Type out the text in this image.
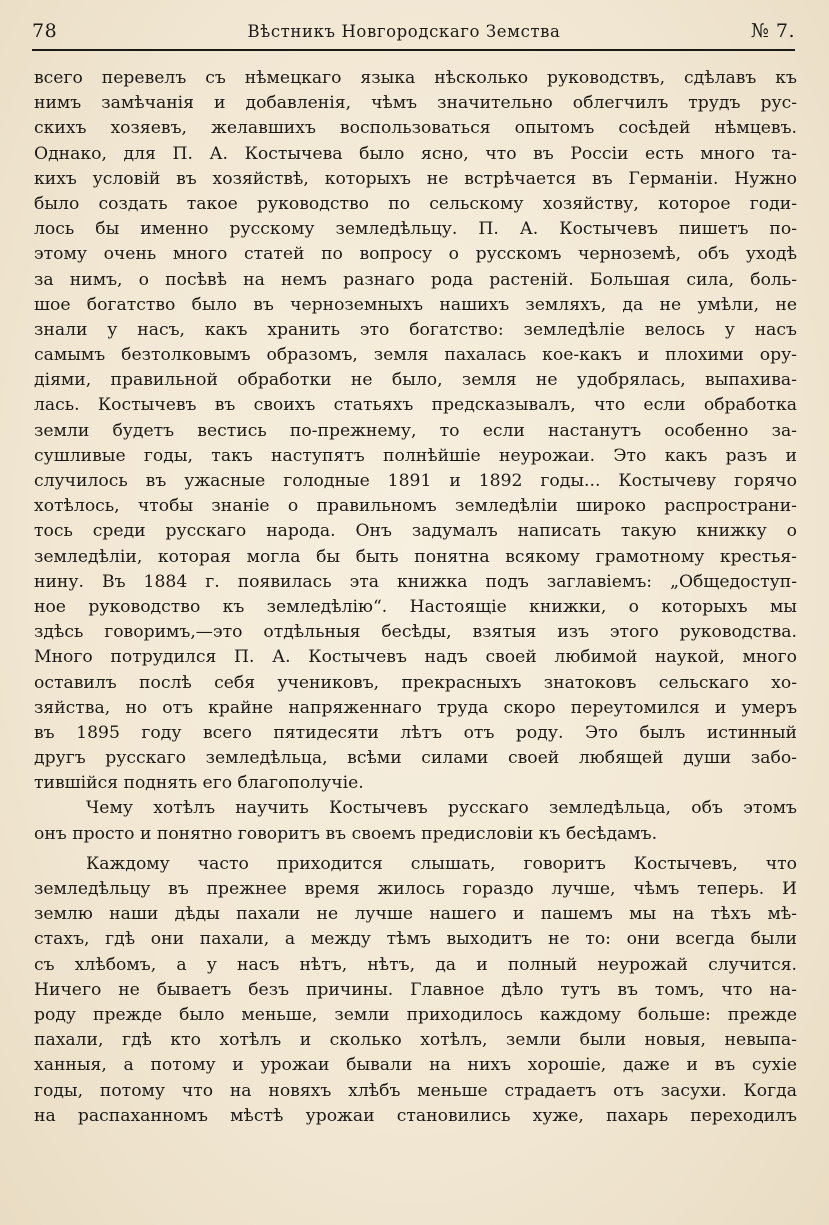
78	Вѣстникъ Новгородскаго Земства	№ 7.
всего перевелъ съ нѣмецкаго языка нѣсколько руководствъ, сдѣлавъ къ
нимъ замѣчанія и добавленія, чѣмъ значительно облегчилъ трудъ рус-
скихъ хозяевъ, желавшихъ воспользоваться опытомъ сосѣдей нѣмцевъ.
Однако, для П. А. Костычева было ясно, что въ Россіи есть много та-
кихъ условій въ хозяйствѣ, которыхъ не встрѣчается въ Германіи. Нужно
было создать такое руководство по сельскому хозяйству, которое годи-
лось бы именно русскому земледѣльцу. П. А. Костычевъ пишетъ по-
этому очень много статей по вопросу о русскомъ черноземѣ, объ уходѣ
за нимъ, о посѣвѣ на немъ разнаго рода растеній. Большая сила, боль-
шое богатство было въ черноземныхъ нашихъ земляхъ, да не умѣли, не
знали у насъ, какъ хранить это богатство: земледѣліе велось у насъ
самымъ безтолковымъ образомъ, земля пахалась кое-какъ и плохими ору-
діями, правильной обработки не было, земля не удобрялась, выпахива-
лась. Костычевъ въ своихъ статьяхъ предсказывалъ, что если обработка
земли будетъ вестись по-прежнему, то если настанутъ особенно за-
сушливые годы, такъ наступятъ полнѣйшіе неурожаи. Это какъ разъ и
случилось въ ужасные голодные 1891 и 1892 годы... Костычеву горячо
хотѣлось, чтобы знаніе о правильномъ земледѣліи широко распространи-
тось среди русскаго народа. Онъ задумалъ написать такую книжку о
земледѣліи, которая могла бы быть понятна всякому грамотному крестья-
нину. Въ 1884 г. появилась эта книжка подъ заглавіемъ: „Общедоступ-
ное руководство къ земледѣлію“. Настоящіе книжки, о которыхъ мы
здѣсь говоримъ,—это отдѣльныя бесѣды, взятыя изъ этого руководства.
Много потрудился П. А. Костычевъ надъ своей любимой наукой, много
оставилъ послѣ себя учениковъ, прекрасныхъ знатоковъ сельскаго хо-
зяйства, но отъ крайне напряженнаго труда скоро переутомился и умеръ
въ 1895 году всего пятидесяти лѣтъ отъ роду. Это былъ истинный
другъ русскаго земледѣльца, всѣми силами своей любящей души забо-
тившійся поднять его благополучіе.
Чему хотѣлъ научить Костычевъ русскаго земледѣльца, объ этомъ
онъ просто и понятно говоритъ въ своемъ предисловіи къ бесѣдамъ.
Каждому часто приходится слышать, говоритъ Костычевъ, что
земледѣльцу въ прежнее время жилось гораздо лучше, чѣмъ теперь. И
землю наши дѣды пахали не лучше нашего и пашемъ мы на тѣхъ мѣ-
стахъ, гдѣ они пахали, а между тѣмъ выходитъ не то: они всегда были
съ хлѣбомъ, а у насъ нѣтъ, нѣтъ, да и полный неурожай случится.
Ничего не бываетъ безъ причины. Главное дѣло тутъ въ томъ, что на-
роду прежде было меньше, земли приходилось каждому больше: прежде
пахали, гдѣ кто хотѣлъ и сколько хотѣлъ, земли были новыя, невыпа-
ханныя, а потому и урожаи бывали на нихъ хорошіе, даже и въ сухіе
годы, потому что на новяхъ хлѣбъ меньше страдаетъ отъ засухи. Когда
на распаханномъ мѣстѣ урожаи становились хуже, пахарь переходилъ
